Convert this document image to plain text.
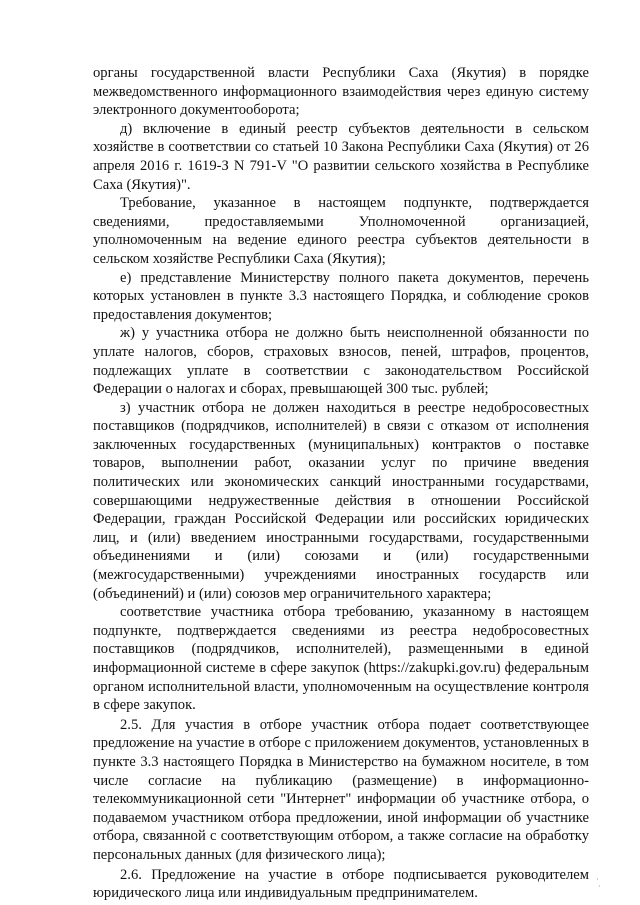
органы государственной власти Республики Саха (Якутия) в порядке межведомственного информационного взаимодействия через единую систему электронного документооборота;

д) включение в единый реестр субъектов деятельности в сельском хозяйстве в соответствии со статьей 10 Закона Республики Саха (Якутия) от 26 апреля 2016 г. 1619-З N 791-V "О развитии сельского хозяйства в Республике Саха (Якутия)".

Требование, указанное в настоящем подпункте, подтверждается сведениями, предоставляемыми Уполномоченной организацией, уполномоченным на ведение единого реестра субъектов деятельности в сельском хозяйстве Республики Саха (Якутия);

е) представление Министерству полного пакета документов, перечень которых установлен в пункте 3.3 настоящего Порядка, и соблюдение сроков предоставления документов;

ж) у участника отбора не должно быть неисполненной обязанности по уплате налогов, сборов, страховых взносов, пеней, штрафов, процентов, подлежащих уплате в соответствии с законодательством Российской Федерации о налогах и сборах, превышающей 300 тыс. рублей;

з) участник отбора не должен находиться в реестре недобросовестных поставщиков (подрядчиков, исполнителей) в связи с отказом от исполнения заключенных государственных (муниципальных) контрактов о поставке товаров, выполнении работ, оказании услуг по причине введения политических или экономических санкций иностранными государствами, совершающими недружественные действия в отношении Российской Федерации, граждан Российской Федерации или российских юридических лиц, и (или) введением иностранными государствами, государственными объединениями и (или) союзами и (или) государственными (межгосударственными) учреждениями иностранных государств или (объединений) и (или) союзов мер ограничительного характера;

соответствие участника отбора требованию, указанному в настоящем подпункте, подтверждается сведениями из реестра недобросовестных поставщиков (подрядчиков, исполнителей), размещенными в единой информационной системе в сфере закупок (https://zakupki.gov.ru) федеральным органом исполнительной власти, уполномоченным на осуществление контроля в сфере закупок.

2.5. Для участия в отборе участник отбора подает соответствующее предложение на участие в отборе с приложением документов, установленных в пункте 3.3 настоящего Порядка в Министерство на бумажном носителе, в том числе согласие на публикацию (размещение) в информационно-телекоммуникационной сети "Интернет" информации об участнике отбора, о подаваемом участником отбора предложении, иной информации об участнике отбора, связанной с соответствующим отбором, а также согласие на обработку персональных данных (для физического лица);

2.6. Предложение на участие в отборе подписывается руководителем юридического лица или индивидуальным предпринимателем.

·
·
